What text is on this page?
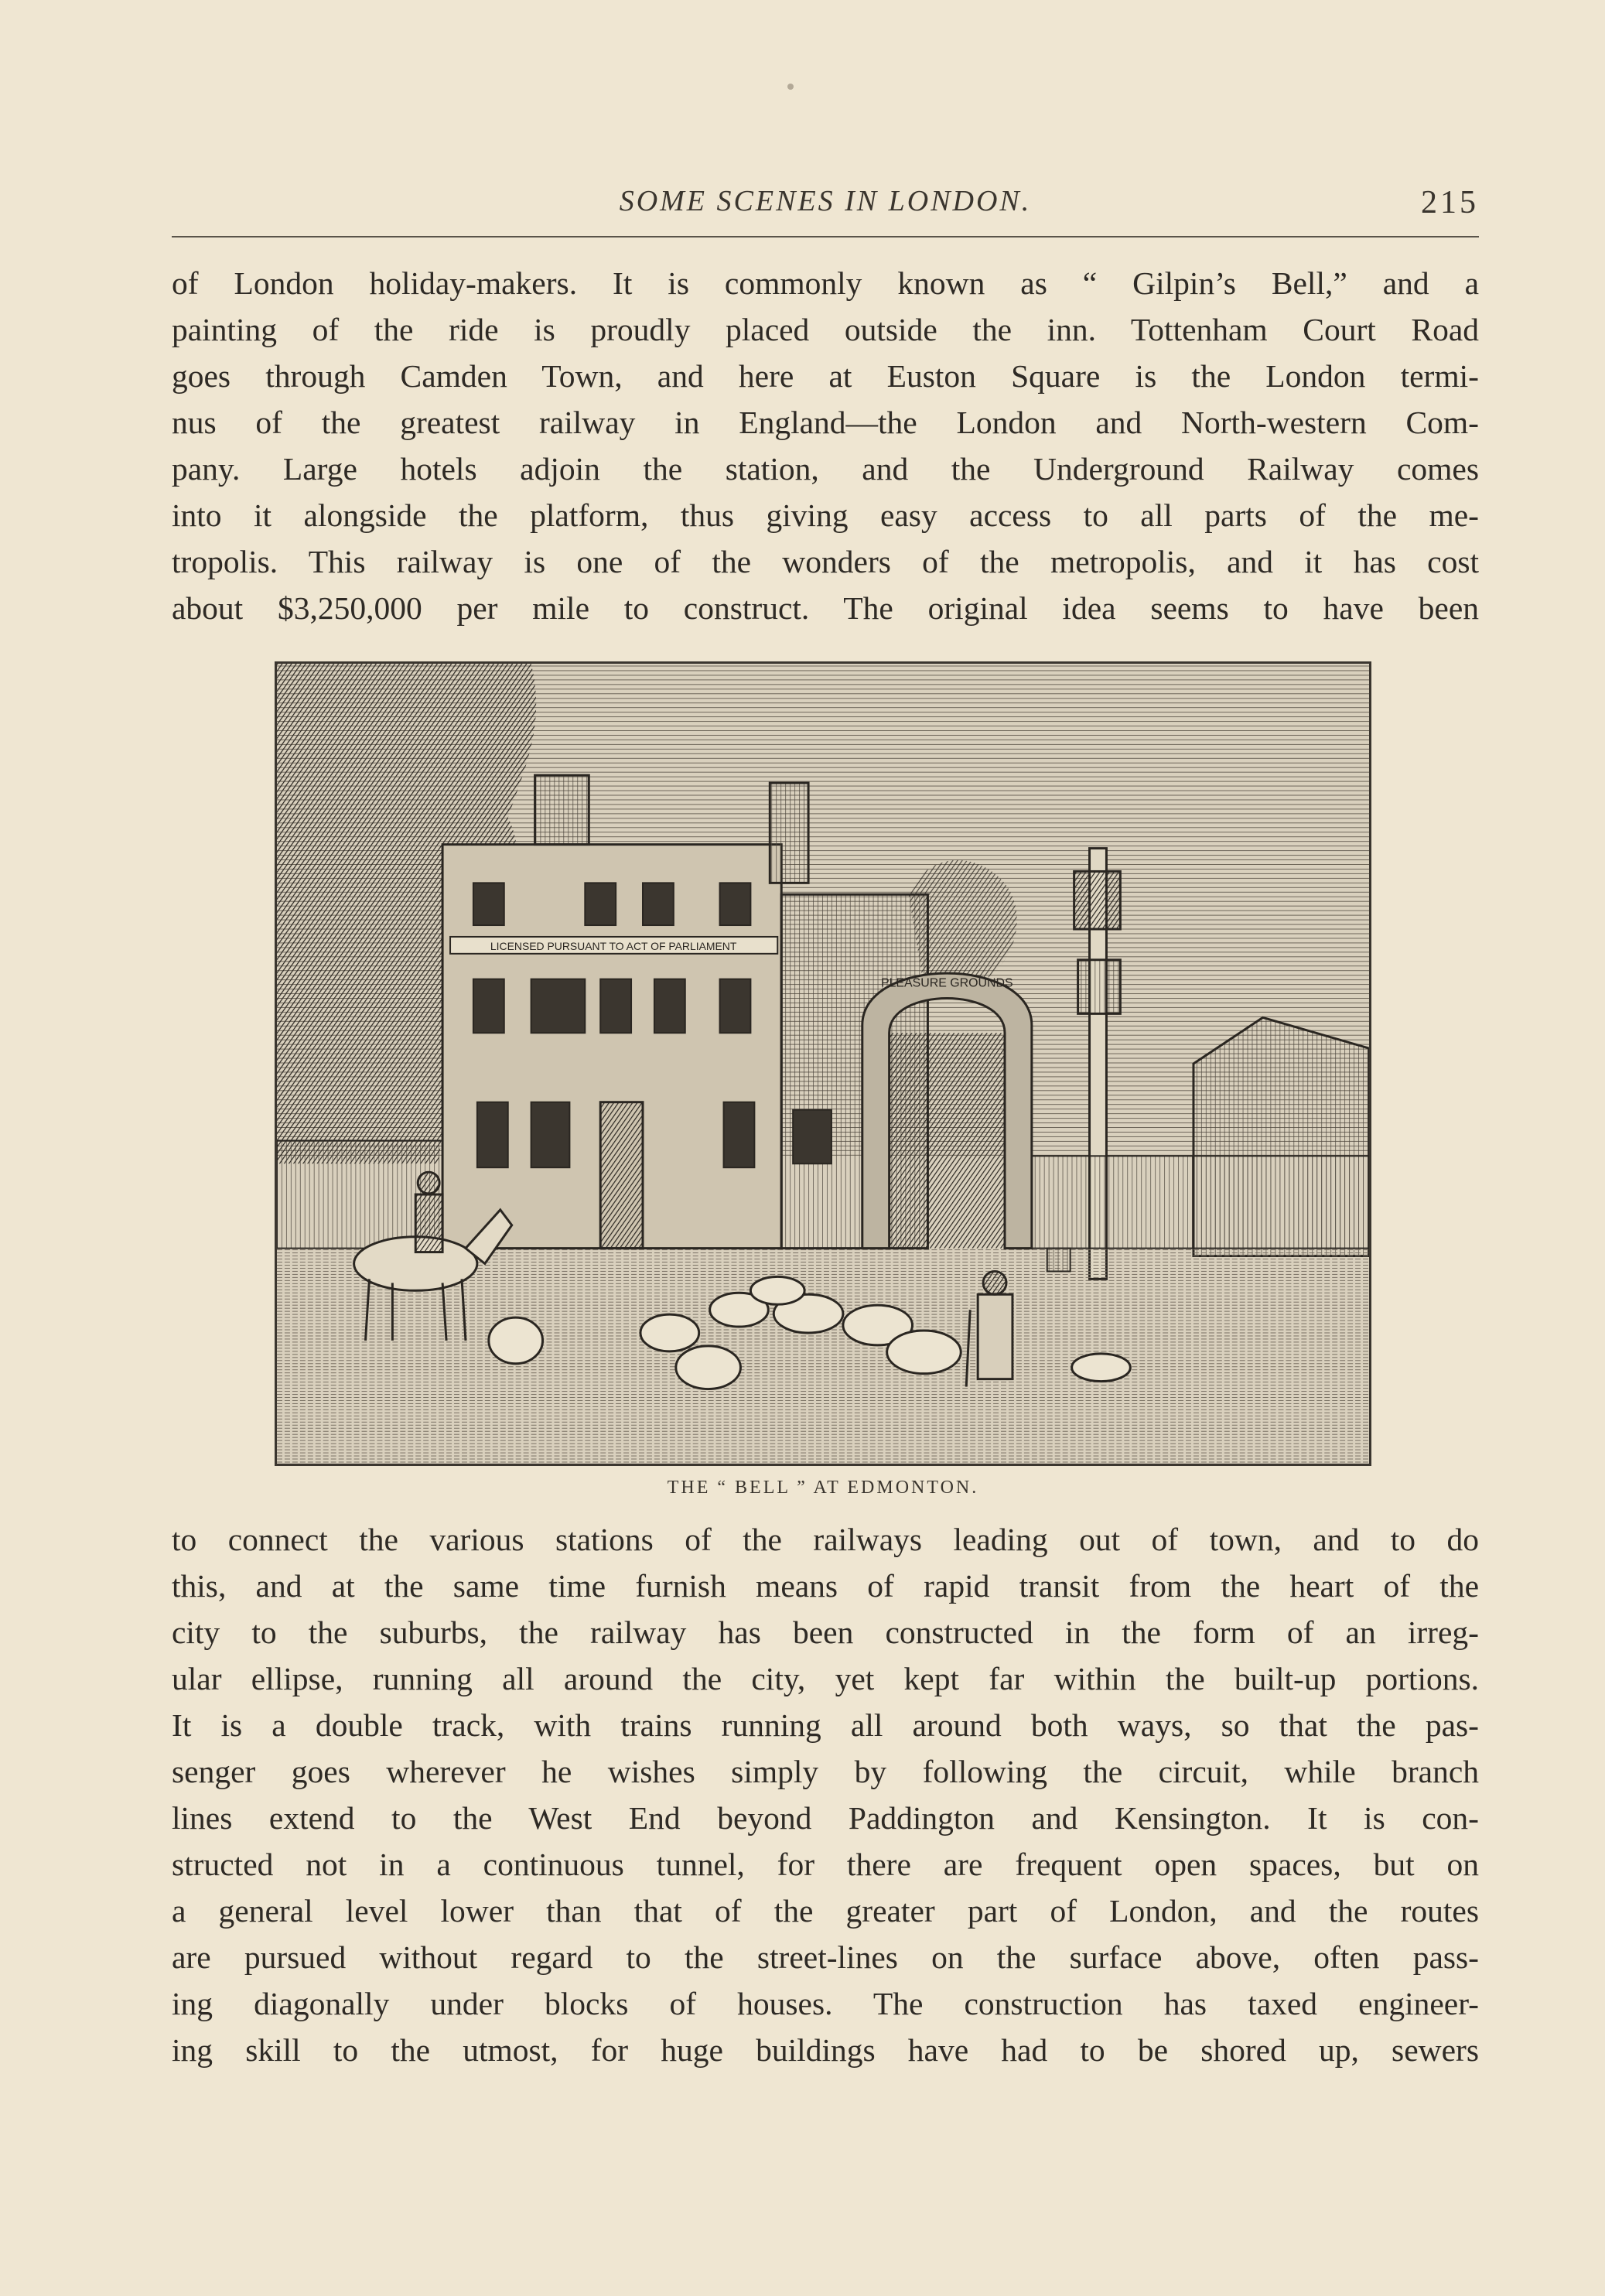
SOME SCENES IN LONDON.	215
of London holiday-makers. It is commonly known as “ Gilpin’s Bell,” and a
painting of the ride is proudly placed outside the inn. Tottenham Court Road
goes through Camden Town, and here at Euston Square is the London termi-
nus of the greatest railway in England—the London and North-western Com-
pany. Large hotels adjoin the station, and the Underground Railway comes
into it alongside the platform, thus giving easy access to all parts of the me-
tropolis. This railway is one of the wonders of the metropolis, and it has cost
about $3,250,000 per mile to construct. The original idea seems to have been
LICENSED PURSUANT TO ACT OF PARLIAMENT
PLEASURE GROUNDS
THE “ BELL ” AT EDMONTON.
to connect the various stations of the railways leading out of town, and to do
this, and at the same time furnish means of rapid transit from the heart of the
city to the suburbs, the railway has been constructed in the form of an irreg-
ular ellipse, running all around the city, yet kept far within the built-up portions.
It is a double track, with trains running all around both ways, so that the pas-
senger goes wherever he wishes simply by following the circuit, while branch
lines extend to the West End beyond Paddington and Kensington. It is con-
structed not in a continuous tunnel, for there are frequent open spaces, but on
a general level lower than that of the greater part of London, and the routes
are pursued without regard to the street-lines on the surface above, often pass-
ing diagonally under blocks of houses. The construction has taxed engineer-
ing skill to the utmost, for huge buildings have had to be shored up, sewers
